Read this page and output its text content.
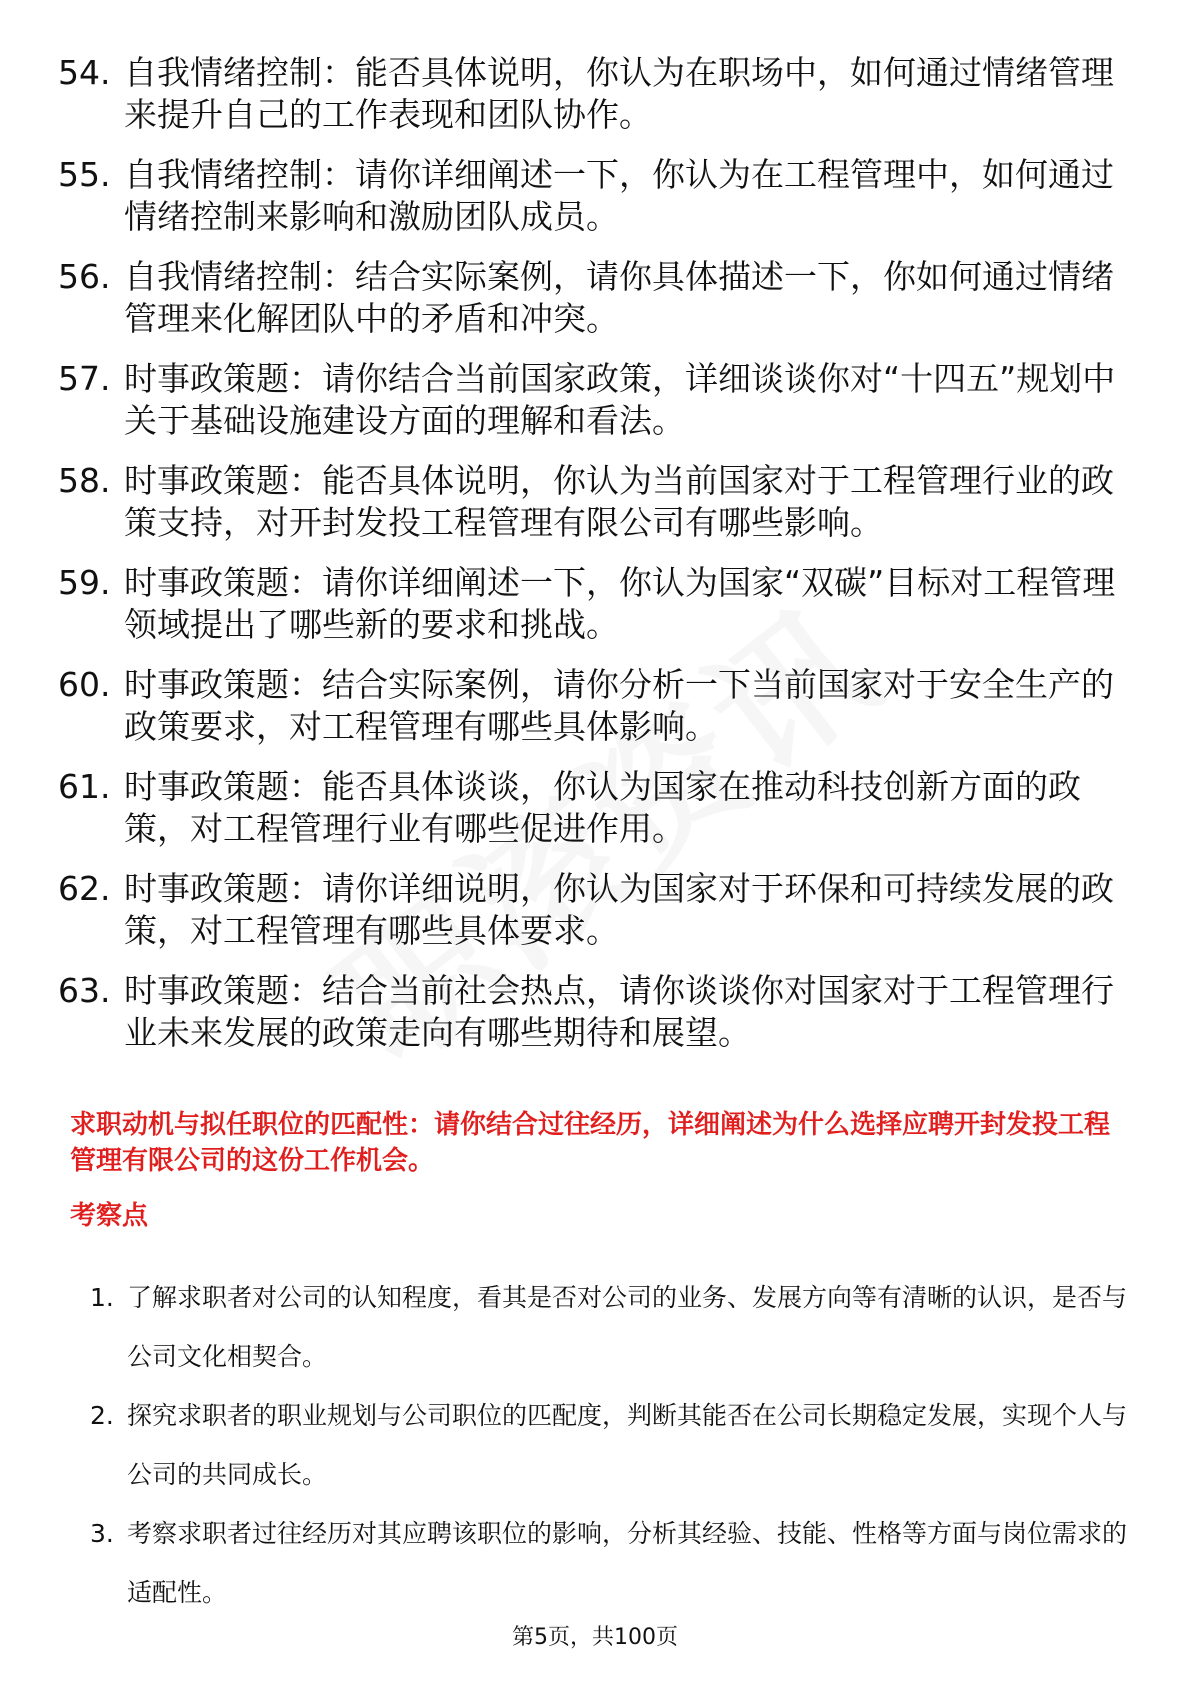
54. 自我情绪控制：能否具体说明，你认为在职场中，如何通过情绪管理来提升自己的工作表现和团队协作。
55. 自我情绪控制：请你详细阐述一下，你认为在工程管理中，如何通过情绪控制来影响和激励团队成员。
56. 自我情绪控制：结合实际案例，请你具体描述一下，你如何通过情绪管理来化解团队中的矛盾和冲突。
57. 时事政策题：请你结合当前国家政策，详细谈谈你对“十四五”规划中关于基础设施建设方面的理解和看法。
58. 时事政策题：能否具体说明，你认为当前国家对于工程管理行业的政策支持，对开封发投工程管理有限公司有哪些影响。
59. 时事政策题：请你详细阐述一下，你认为国家“双碳”目标对工程管理领域提出了哪些新的要求和挑战。
60. 时事政策题：结合实际案例，请你分析一下当前国家对于安全生产的政策要求，对工程管理有哪些具体影响。
61. 时事政策题：能否具体谈谈，你认为国家在推动科技创新方面的政策，对工程管理行业有哪些促进作用。
62. 时事政策题：请你详细说明，你认为国家对于环保和可持续发展的政策，对工程管理有哪些具体要求。
63. 时事政策题：结合当前社会热点，请你谈谈你对国家对于工程管理行业未来发展的政策走向有哪些期待和展望。
求职动机与拟任职位的匹配性：请你结合过往经历，详细阐述为什么选择应聘开封发投工程管理有限公司的这份工作机会。
考察点
1. 了解求职者对公司的认知程度，看其是否对公司的业务、发展方向等有清晰的认识，是否与公司文化相契合。
2. 探究求职者的职业规划与公司职位的匹配度，判断其能否在公司长期稳定发展，实现个人与公司的共同成长。
3. 考察求职者过往经历对其应聘该职位的影响，分析其经验、技能、性格等方面与岗位需求的适配性。
第5页，共100页
